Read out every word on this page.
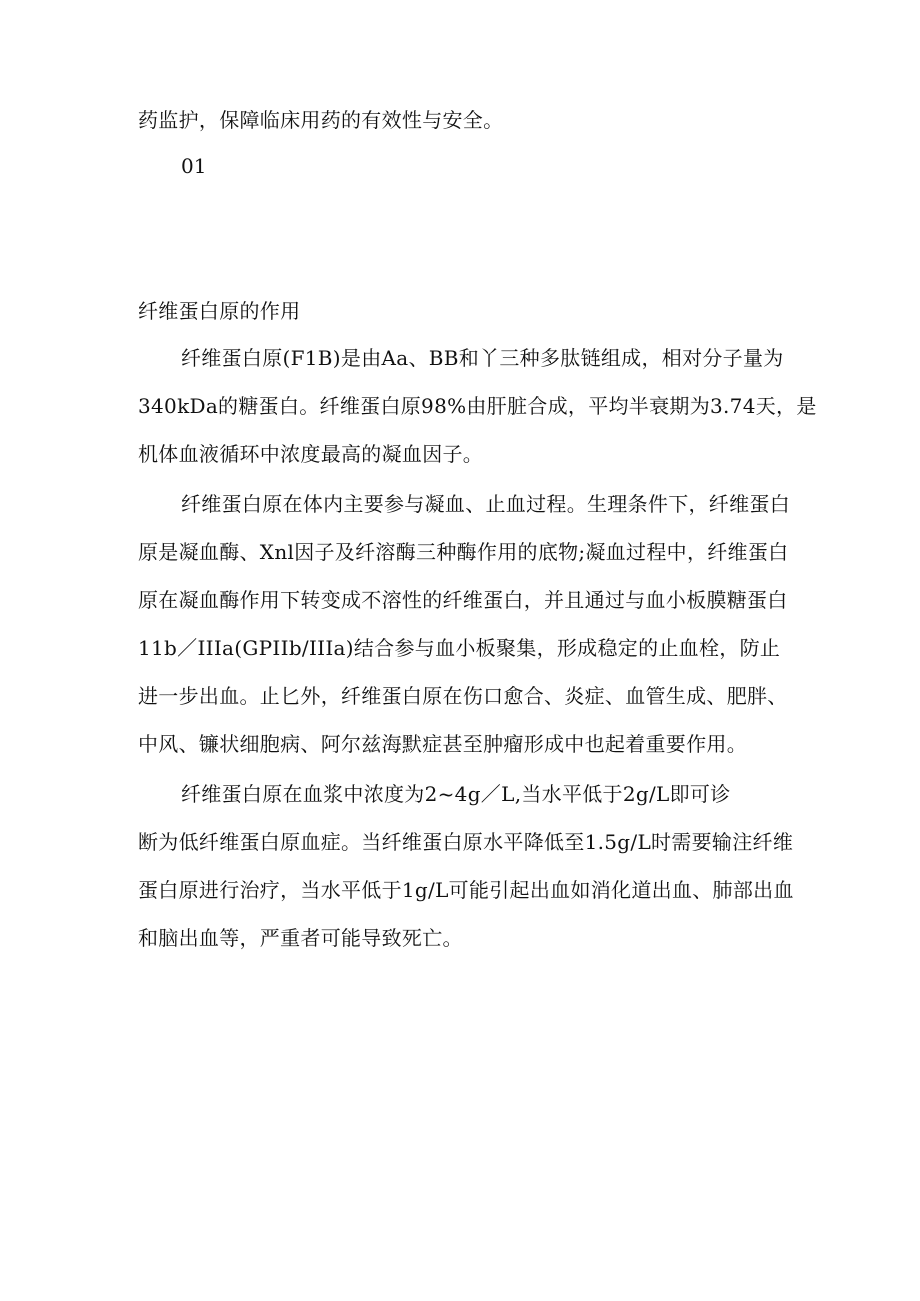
药监护，保障临床用药的有效性与安全。
01
纤维蛋白原的作用
纤维蛋白原(F1B)是由Aa、BB和丫三种多肽链组成，相对分子量为
340kDa的糖蛋白。纤维蛋白原98%由肝脏合成，平均半衰期为3.74天，是
机体血液循环中浓度最高的凝血因子。
纤维蛋白原在体内主要参与凝血、止血过程。生理条件下，纤维蛋白
原是凝血酶、Xnl因子及纤溶酶三种酶作用的底物;凝血过程中，纤维蛋白
原在凝血酶作用下转变成不溶性的纤维蛋白，并且通过与血小板膜糖蛋白
11b／IIIa(GPIIb/IIIa)结合参与血小板聚集，形成稳定的止血栓，防止
进一步出血。止匕外，纤维蛋白原在伤口愈合、炎症、血管生成、肥胖、
中风、镰状细胞病、阿尔兹海默症甚至肿瘤形成中也起着重要作用。
纤维蛋白原在血浆中浓度为2~4g／L,当水平低于2g/L即可诊
断为低纤维蛋白原血症。当纤维蛋白原水平降低至1.5g/L时需要输注纤维
蛋白原进行治疗，当水平低于1g/L可能引起出血如消化道出血、肺部出血
和脑出血等，严重者可能导致死亡。
